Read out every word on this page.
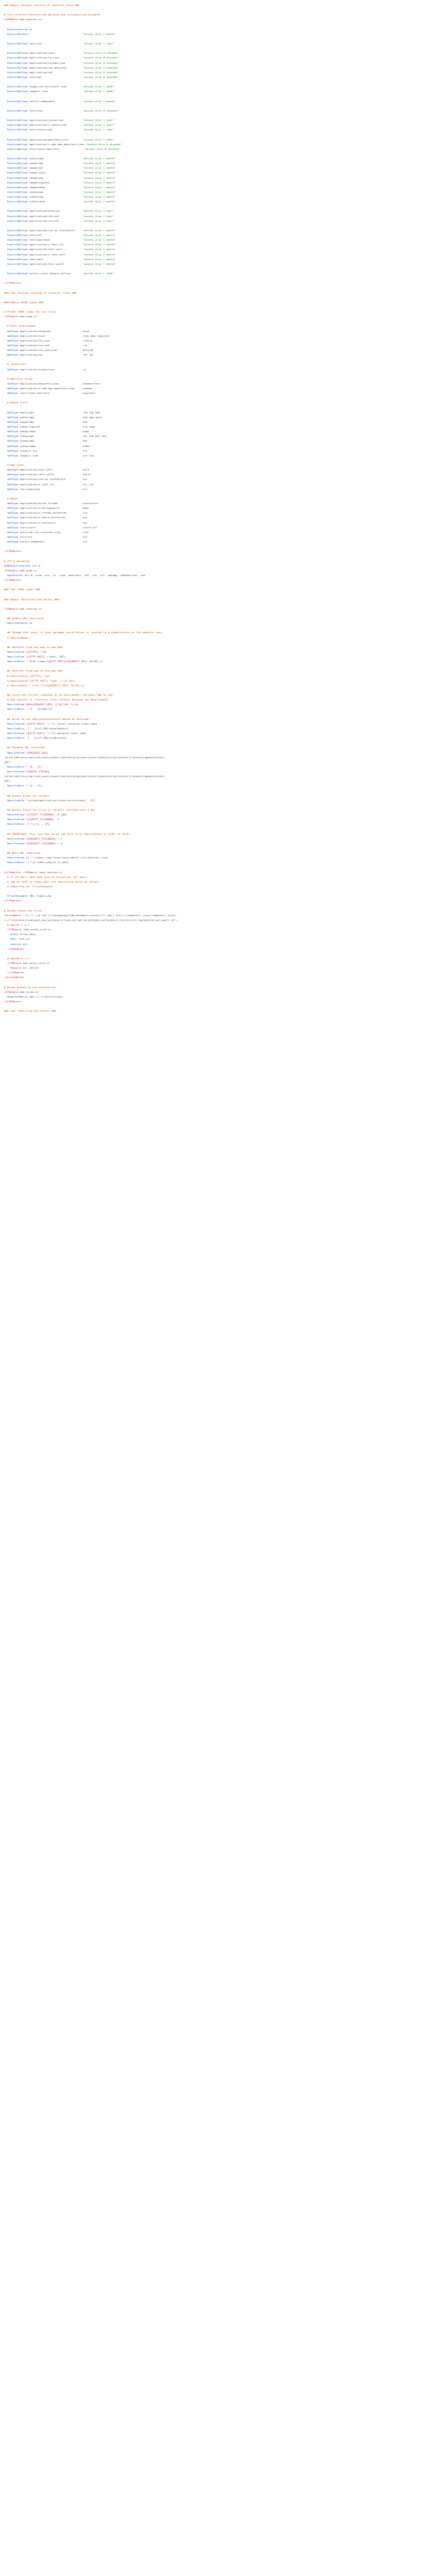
### Begin: Browser caching of resource files ###

# This affects Frontend and Backend and increases performance.
<IfModule mod_expires.c>

ExpiresActive on
ExpiresDefault	"access plus 1 month"

ExpiresByType text/css                          "access plus 1 year"

ExpiresByType application/json                  "access plus 0 seconds"
ExpiresByType application/ld+json               "access plus 0 seconds"
ExpiresByType application/schema+json           "access plus 0 seconds"
ExpiresByType application/vnd.geo+json          "access plus 0 seconds"
ExpiresByType application/xml                   "access plus 0 seconds"
ExpiresByType text/xml                          "access plus 0 seconds"

ExpiresByType image/vnd.microsoft.icon          "access plus 1 week"
ExpiresByType image/x-icon                      "access plus 1 week"

ExpiresByType text/x-component                  "access plus 1 month"

ExpiresByType text/html                         "access plus 0 seconds"

ExpiresByType application/javascript            "access plus 1 year"
ExpiresByType application/x-javascript          "access plus 1 year"
ExpiresByType text/javascript                   "access plus 1 year"

ExpiresByType application/manifest+json         "access plus 1 week"
ExpiresByType application/x-web-app-manifest+json "access plus 0 seconds"
ExpiresByType text/cache-manifest                "access plus 0 seconds"

ExpiresByType audio/ogg                         "access plus 1 month"
ExpiresByType image/bmp                         "access plus 1 month"
ExpiresByType image/gif                         "access plus 1 month"
ExpiresByType image/jpeg                        "access plus 1 month"
ExpiresByType image/png                         "access plus 1 month"
ExpiresByType image/svg+xml                     "access plus 1 month"
ExpiresByType image/webp                        "access plus 1 month"
ExpiresByType video/mp4                         "access plus 1 month"
ExpiresByType video/ogg                         "access plus 1 month"
ExpiresByType video/webm                        "access plus 1 month"

ExpiresByType application/atom+xml              "access plus 1 hour"
ExpiresByType application/rdf+xml               "access plus 1 hour"
ExpiresByType application/rss+xml               "access plus 1 hour"

ExpiresByType application/vnd.ms-fontobject     "access plus 1 month"
ExpiresByType font/eot                          "access plus 1 month"
ExpiresByType font/opentype                     "access plus 1 month"
ExpiresByType application/x-font-ttf            "access plus 1 month"
ExpiresByType application/font-woff             "access plus 1 month"
ExpiresByType application/x-font-woff           "access plus 1 month"
ExpiresByType font/woff                         "access plus 1 month"
ExpiresByType application/font-woff2            "access plus 1 month"

ExpiresByType text/x-cross-domain-policy        "access plus 1 week"

</IfModule>

### End: Browser caching of resource files ###

### Begin: MIME types ###

# Proper MIME types for all files
<IfModule mod_mime.c>

# Data interchange
AddType application/atom+xml                    atom
AddType application/json                        json map topojson
AddType application/ld+json                     jsonld
AddType application/rss+xml                     rss
AddType application/vnd.geo+json                geojson
AddType application/xml                         rdf xml

# JavaScript
AddType application/javascript                  js

# Manifest files
AddType application/manifest+json               webmanifest
AddType application/x-web-app-manifest+json     webapp
AddType text/cache-manifest                     appcache

# Media files

AddType audio/mp4                               f4a f4b m4a
AddType audio/ogg                               oga ogg opus
AddType image/bmp                               bmp
AddType image/svg+xml                           svg svgz
AddType image/webp                              webp
AddType video/mp4                               f4v f4p m4v mp4
AddType video/ogg                               ogv
AddType video/webm                              webm
AddType video/x-flv                             flv
AddType image/x-icon                            cur ico

# Web fonts
AddType application/font-woff                   woff
AddType application/font-woff2                  woff2
AddType application/vnd.ms-fontobject           eot
AddType application/x-font-ttf                  ttc ttf
AddType font/opentype                           otf

# Other
AddType application/octet-stream                safariextz
AddType application/x-bb-appworld               bbaw
AddType application/x-chrome-extension          crx
AddType application/x-opera-extension           oex
AddType application/x-xpinstall                 xpi
AddType text/vcard                              vcard vcf
AddType text/vnd.rim.location.xloc              xloc
AddType text/vtt                                vtt
AddType text/x-component                        htc

</IfModule>

# UTF-8 encoding
AddDefaultCharset utf-8
<IfModule mod_mime.c>
AddCharset utf-8 .atom .css .js .json .manifest .rdf .rss .vtt .webapp .webmanifest .xml
</IfModule>

### End: MIME types ###

### Begin: Rewriting and Access ###

<IfModule mod_rewrite.c>

## Enable URL rewriting
RewriteEngine on

## Change this path, if your package installation is located in a subdirectory of the website root.
# RewriteBase /

## Redirect from non-www to www ###
RewriteCond %{HTTPS} !=on
RewriteCond %{HTTP_HOST} !^www\. [NC]
RewriteRule ^ http://www.%{HTTP_HOST}%{REQUEST_URI} [R=301,L]

## Redirect from www to non-www ###
# RewriteCond %{HTTPS} !=on
# RewriteCond %{HTTP_HOST} ^www\.(.+)$ [NC]
# RewriteRule ^ http://%1%{REQUEST_URI} [R=301,L]

## Store the current location in an environment variable CWD to use
# mod_rewrite in .htaccess files without knowing the RewriteBase
RewriteCond $0#%{REQUEST_URI} ([^#]*)#(.*)\1$
RewriteRule ^.*$ - [E=CWD:%2]

## Rules to set ApplicationContext based on hostname
RewriteCond %{HTTP_HOST} ^(.*)\.local\.kargrea-tine\.com$
RewriteRule .? - [E=CI_ENV:development]
RewriteCond %{HTTP_HOST} ^(.*)\.kargrea-tine\.com$
RewriteRule .? - [E=CI_ENV:production]

## Disable SQL injection
RewriteCond %{REQUEST_URI}
(alter|declare|char|set|cast|convert|delete|drop|exec|insert|meta|script|select|truncate|update|union)
[NC]
RewriteRule ^.*$ - [F]
RewriteCond %{QUERY_STRING}
(alter|declare|char|set|cast|convert|delete|drop|exec|insert|meta|script|select|truncate|update|union)
[NC]
RewriteRule ^.*$ - [F]

## Access block for folders
RewriteRule ^system/application/resources/private/ - [F]

## Access block for files or folders starting with a dot
RewriteCond %{SCRIPT_FILENAME} -d [OR]
RewriteCond %{SCRIPT_FILENAME} -f
RewriteRule (?:^|/)\. - [F]

## IMPORTANT: This rule has to be the very first RewriteCond in order to work!
RewriteCond %{REQUEST_FILENAME} !-f
RewriteCond %{REQUEST_FILENAME} !-d

## Main URL rewriting.
RewriteCond $1 !^(index\.php|resources|robots\.txt|favicon\.ico)
RewriteRule ^(.*)$ index.php/$1 [L,QSA]

</IfModule> <IfModule !mod_rewrite.c>
# If we don't have mod_rewrite installed, all 404's
# can be sent to index.php, and everything works as normal.
# Submitted by: ElliotHaughin

ErrorDocument 404 /index.php
</IfModule>

# Access block for files
<FilesMatch "(?i:^\.|^#.*#|^(?:ChangeLog|ToDo|Readme|License)(?:\.md|\.txt)?|^composer\.json|^composer\.lock|
\.(?:htaccess|htpasswd|json|gitignore|lock|sql|yml|sh|md|bak|config|dist|fla|inc|ini|log|psd|sh|sql|swp)|~)$">
# Apache < 2.3
<IfModule !mod_authz_core.c>
Order allow,deny
Deny from all
Satisfy All
</IfModule>

# Apache ≥ 2.3
<IfModule mod_authz_core.c>
Require all denied
</IfModule>
</FilesMatch>

# Block access to vcs directories
<IfModule mod_alias.c>
RedirectMatch 404 /\.(?:git|svn|hg)/
</IfModule>

### End: Rewriting and Access ###
